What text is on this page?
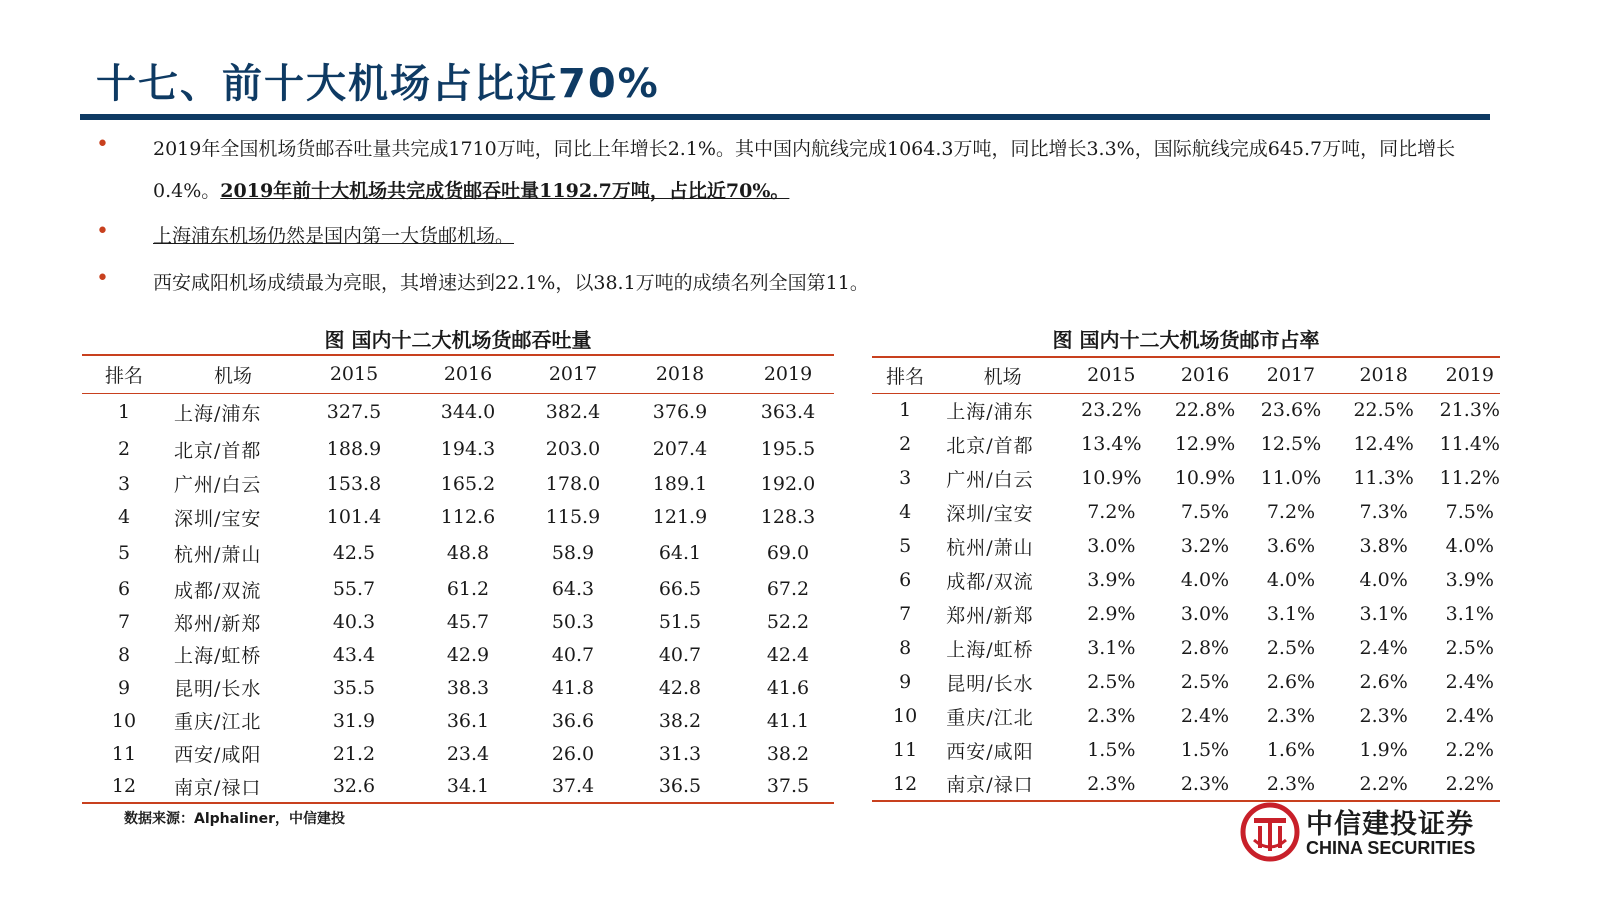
十七、前十大机场占比近70%
• 2019年全国机场货邮吞吐量共完成1710万吨，同比上年增长2.1%。其中国内航线完成1064.3万吨，同比增长3.3%，国际航线完成645.7万吨，同比增长0.4%。2019年前十大机场共完成货邮吞吐量1192.7万吨，占比近70%。
• 上海浦东机场仍然是国内第一大货邮机场。
• 西安咸阳机场成绩最为亮眼，其增速达到22.1%，以38.1万吨的成绩名列全国第11。
图 国内十二大机场货邮吞吐量
排名	机场	2015	2016	2017	2018	2019
1	上海/浦东	327.5	344.0	382.4	376.9	363.4
2	北京/首都	188.9	194.3	203.0	207.4	195.5
3	广州/白云	153.8	165.2	178.0	189.1	192.0
4	深圳/宝安	101.4	112.6	115.9	121.9	128.3
5	杭州/萧山	42.5	48.8	58.9	64.1	69.0
6	成都/双流	55.7	61.2	64.3	66.5	67.2
7	郑州/新郑	40.3	45.7	50.3	51.5	52.2
8	上海/虹桥	43.4	42.9	40.7	40.7	42.4
9	昆明/长水	35.5	38.3	41.8	42.8	41.6
10	重庆/江北	31.9	36.1	36.6	38.2	41.1
11	西安/咸阳	21.2	23.4	26.0	31.3	38.2
12	南京/禄口	32.6	34.1	37.4	36.5	37.5
图 国内十二大机场货邮市占率
排名	机场	2015	2016	2017	2018	2019
1	上海/浦东	23.2%	22.8%	23.6%	22.5%	21.3%
2	北京/首都	13.4%	12.9%	12.5%	12.4%	11.4%
3	广州/白云	10.9%	10.9%	11.0%	11.3%	11.2%
4	深圳/宝安	7.2%	7.5%	7.2%	7.3%	7.5%
5	杭州/萧山	3.0%	3.2%	3.6%	3.8%	4.0%
6	成都/双流	3.9%	4.0%	4.0%	4.0%	3.9%
7	郑州/新郑	2.9%	3.0%	3.1%	3.1%	3.1%
8	上海/虹桥	3.1%	2.8%	2.5%	2.4%	2.5%
9	昆明/长水	2.5%	2.5%	2.6%	2.6%	2.4%
10	重庆/江北	2.3%	2.4%	2.3%	2.3%	2.4%
11	西安/咸阳	1.5%	1.5%	1.6%	1.9%	2.2%
12	南京/禄口	2.3%	2.3%	2.3%	2.2%	2.2%
数据来源：Alphaliner，中信建投	中信建投证券
CHINA SECURITIES
